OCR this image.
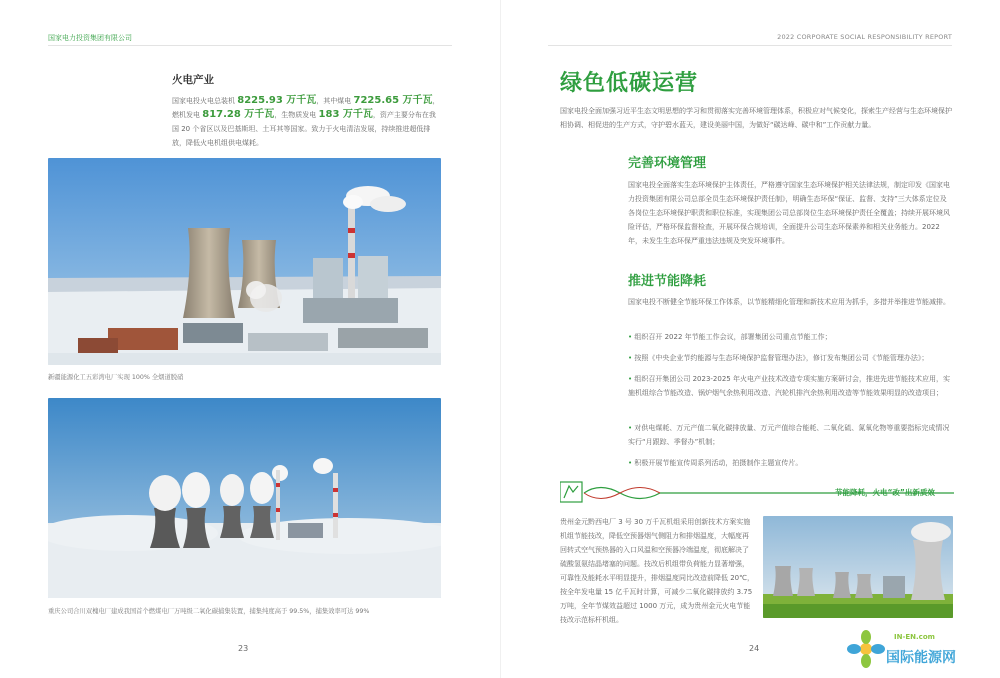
国家电力投资集团有限公司	2022 CORPORATE SOCIAL RESPONSIBILITY REPORT
火电产业
国家电投火电总装机 8225.93 万千瓦，其中煤电 7225.65 万千瓦，燃机发电 817.28 万千瓦，生物质发电 183 万千瓦，资产主要分布在我国 20 个省区以及巴基斯坦、土耳其等国家。致力于火电清洁发展，持续推进超低排放，降低火电机组供电煤耗。
新疆能源化工五彩湾电厂实现 100% 全烟道脱硝
重庆公司合川双槐电厂建成我国首个燃煤电厂万吨级二氧化碳捕集装置，捕集纯度高于 99.5%，捕集效率可达 99%
23
绿色低碳运营
国家电投全面加强习近平生态文明思想的学习和贯彻落实完善环境管理体系，积极应对气候变化，探索生产经营与生态环境保护相协调、相促进的生产方式，守护碧水蓝天，建设美丽中国，为做好“碳达峰、碳中和”工作贡献力量。
完善环境管理
国家电投全面落实生态环境保护主体责任，严格遵守国家生态环境保护相关法律法规，制定印发《国家电力投资集团有限公司总部全员生态环境保护责任制》，明确生态环保“保证、监督、支持”三大体系定位及各岗位生态环境保护职责和职位标准，实现集团公司总部岗位生态环境保护责任全覆盖；持续开展环境风险评估，严格环保监督检查，开展环保合规培训，全面提升公司生态环保素养和相关业务能力。2022 年，未发生生态环保严重违法违规及突发环境事件。
推进节能降耗
国家电投不断健全节能环保工作体系，以节能精细化管理和新技术应用为抓手，多措并举推进节能减排。
• 组织召开 2022 年节能工作会议，部署集团公司重点节能工作；
• 按照《中央企业节约能源与生态环境保护监督管理办法》，修订发布集团公司《节能管理办法》；
• 组织召开集团公司 2023-2025 年火电产业技术改造专项实施方案研讨会，推进先进节能技术应用，实施机组综合节能改造、锅炉烟气余热利用改造、汽轮机排汽余热利用改造等节能效果明显的改造项目；
• 对供电煤耗、万元产值二氧化碳排放量、万元产值综合能耗、二氧化硫、氮氧化物等重要指标完成情况实行“月跟踪、季督办”机制；
• 积极开展节能宣传周系列活动，拍摄制作主题宣传片。
节能降耗，火电“改”出新质效
贵州金元黔西电厂 3 号 30 万千瓦机组采用创新技术方案实施机组节能技改，降低空预器烟气侧阻力和排烟温度，大幅度再回转式空气预热器的入口风温和空预器冷端温度，彻底解决了硫酸氢氨结晶堵塞的问题。技改后机组带负荷能力显著增强，可靠性及能耗水平明显提升，排烟温度同比改造前降低 20℃，按全年发电量 15 亿千瓦时计算，可减少二氧化碳排放约 3.75 万吨，全年节煤效益超过 1000 万元，成为贵州金元火电节能技改示范标杆机组。
24
IN-EN.com
国际能源网
